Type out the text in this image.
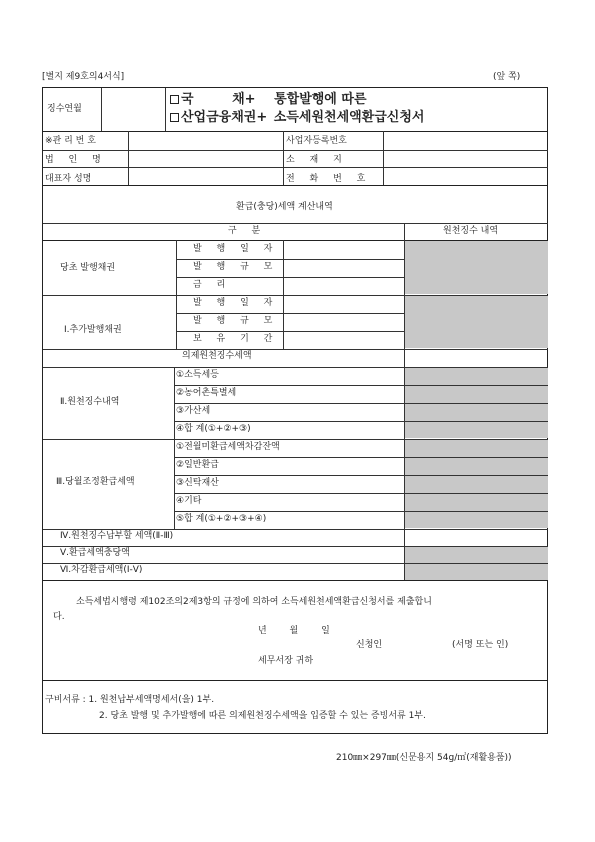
[별지 제9호의4서식]	(앞 쪽)
징수연월
국	채+ 통합발행에 따른
산업금융채권+ 소득세원천세액환급신청서
※관 리 번 호	사업자등록번호
법 인 명	소 재 지
대표자 성명	전 화 번 호
환급(충당)세액 계산내역
구 분	원천징수 내역
당초 발행채권
발 행 일 자
발 행 규 모
금 리
Ⅰ.추가발행채권
발 행 일 자
발 행 규 모
보 유 기 간
의제원천징수세액
Ⅱ.원천징수내역
①소득세등
②농어촌특별세
③가산세
④합 계(①+②+③)
Ⅲ.당월조정환급세액
①전월미환급세액차감잔액
②일반환급
③신탁재산
④기타
⑤합 계(①+②+③+④)
Ⅳ.원천징수납부할 세액(Ⅱ-Ⅲ)
Ⅴ.환급세액충당액
Ⅵ.차감환급세액(Ⅰ-Ⅴ)
소득세법시행령 제102조의2제3항의 규정에 의하여 소득세원천세액환급신청서를 제출합니
다.
년 월 일
신청인	(서명 또는 인)
세무서장 귀하
구비서류 : 1. 원천납부세액명세서(을) 1부.
2. 당초 발행 및 추가발행에 따른 의제원천징수세액을 입증할 수 있는 증빙서류 1부.
210㎜×297㎜(신문용지 54g/㎡(재활용품))
